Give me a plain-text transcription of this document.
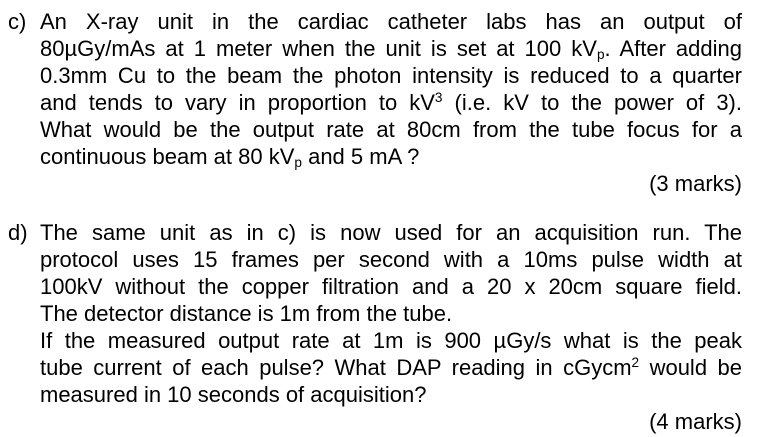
c) An X-ray unit in the cardiac catheter labs has an output of
80µGy/mAs at 1 meter when the unit is set at 100 kVp. After adding
0.3mm Cu to the beam the photon intensity is reduced to a quarter
and tends to vary in proportion to $kV^3$ (i.e. kV to the power of 3).
What would be the output rate at 80cm from the tube focus for a
continuous beam at 80 kVp and 5 mA ?
(3 marks)
d) The same unit as in c) is now used for an acquisition run. The
protocol uses 15 frames per second with a 10ms pulse width at
100kV without the copper filtration and a 20 x 20cm square field.
The detector distance is 1m from the tube.
If the measured output rate at 1m is 900 µGy/s what is the peak
tube current of each pulse? What DAP reading in cGycm$^2$ would be
measured in 10 seconds of acquisition?
(4 marks)
